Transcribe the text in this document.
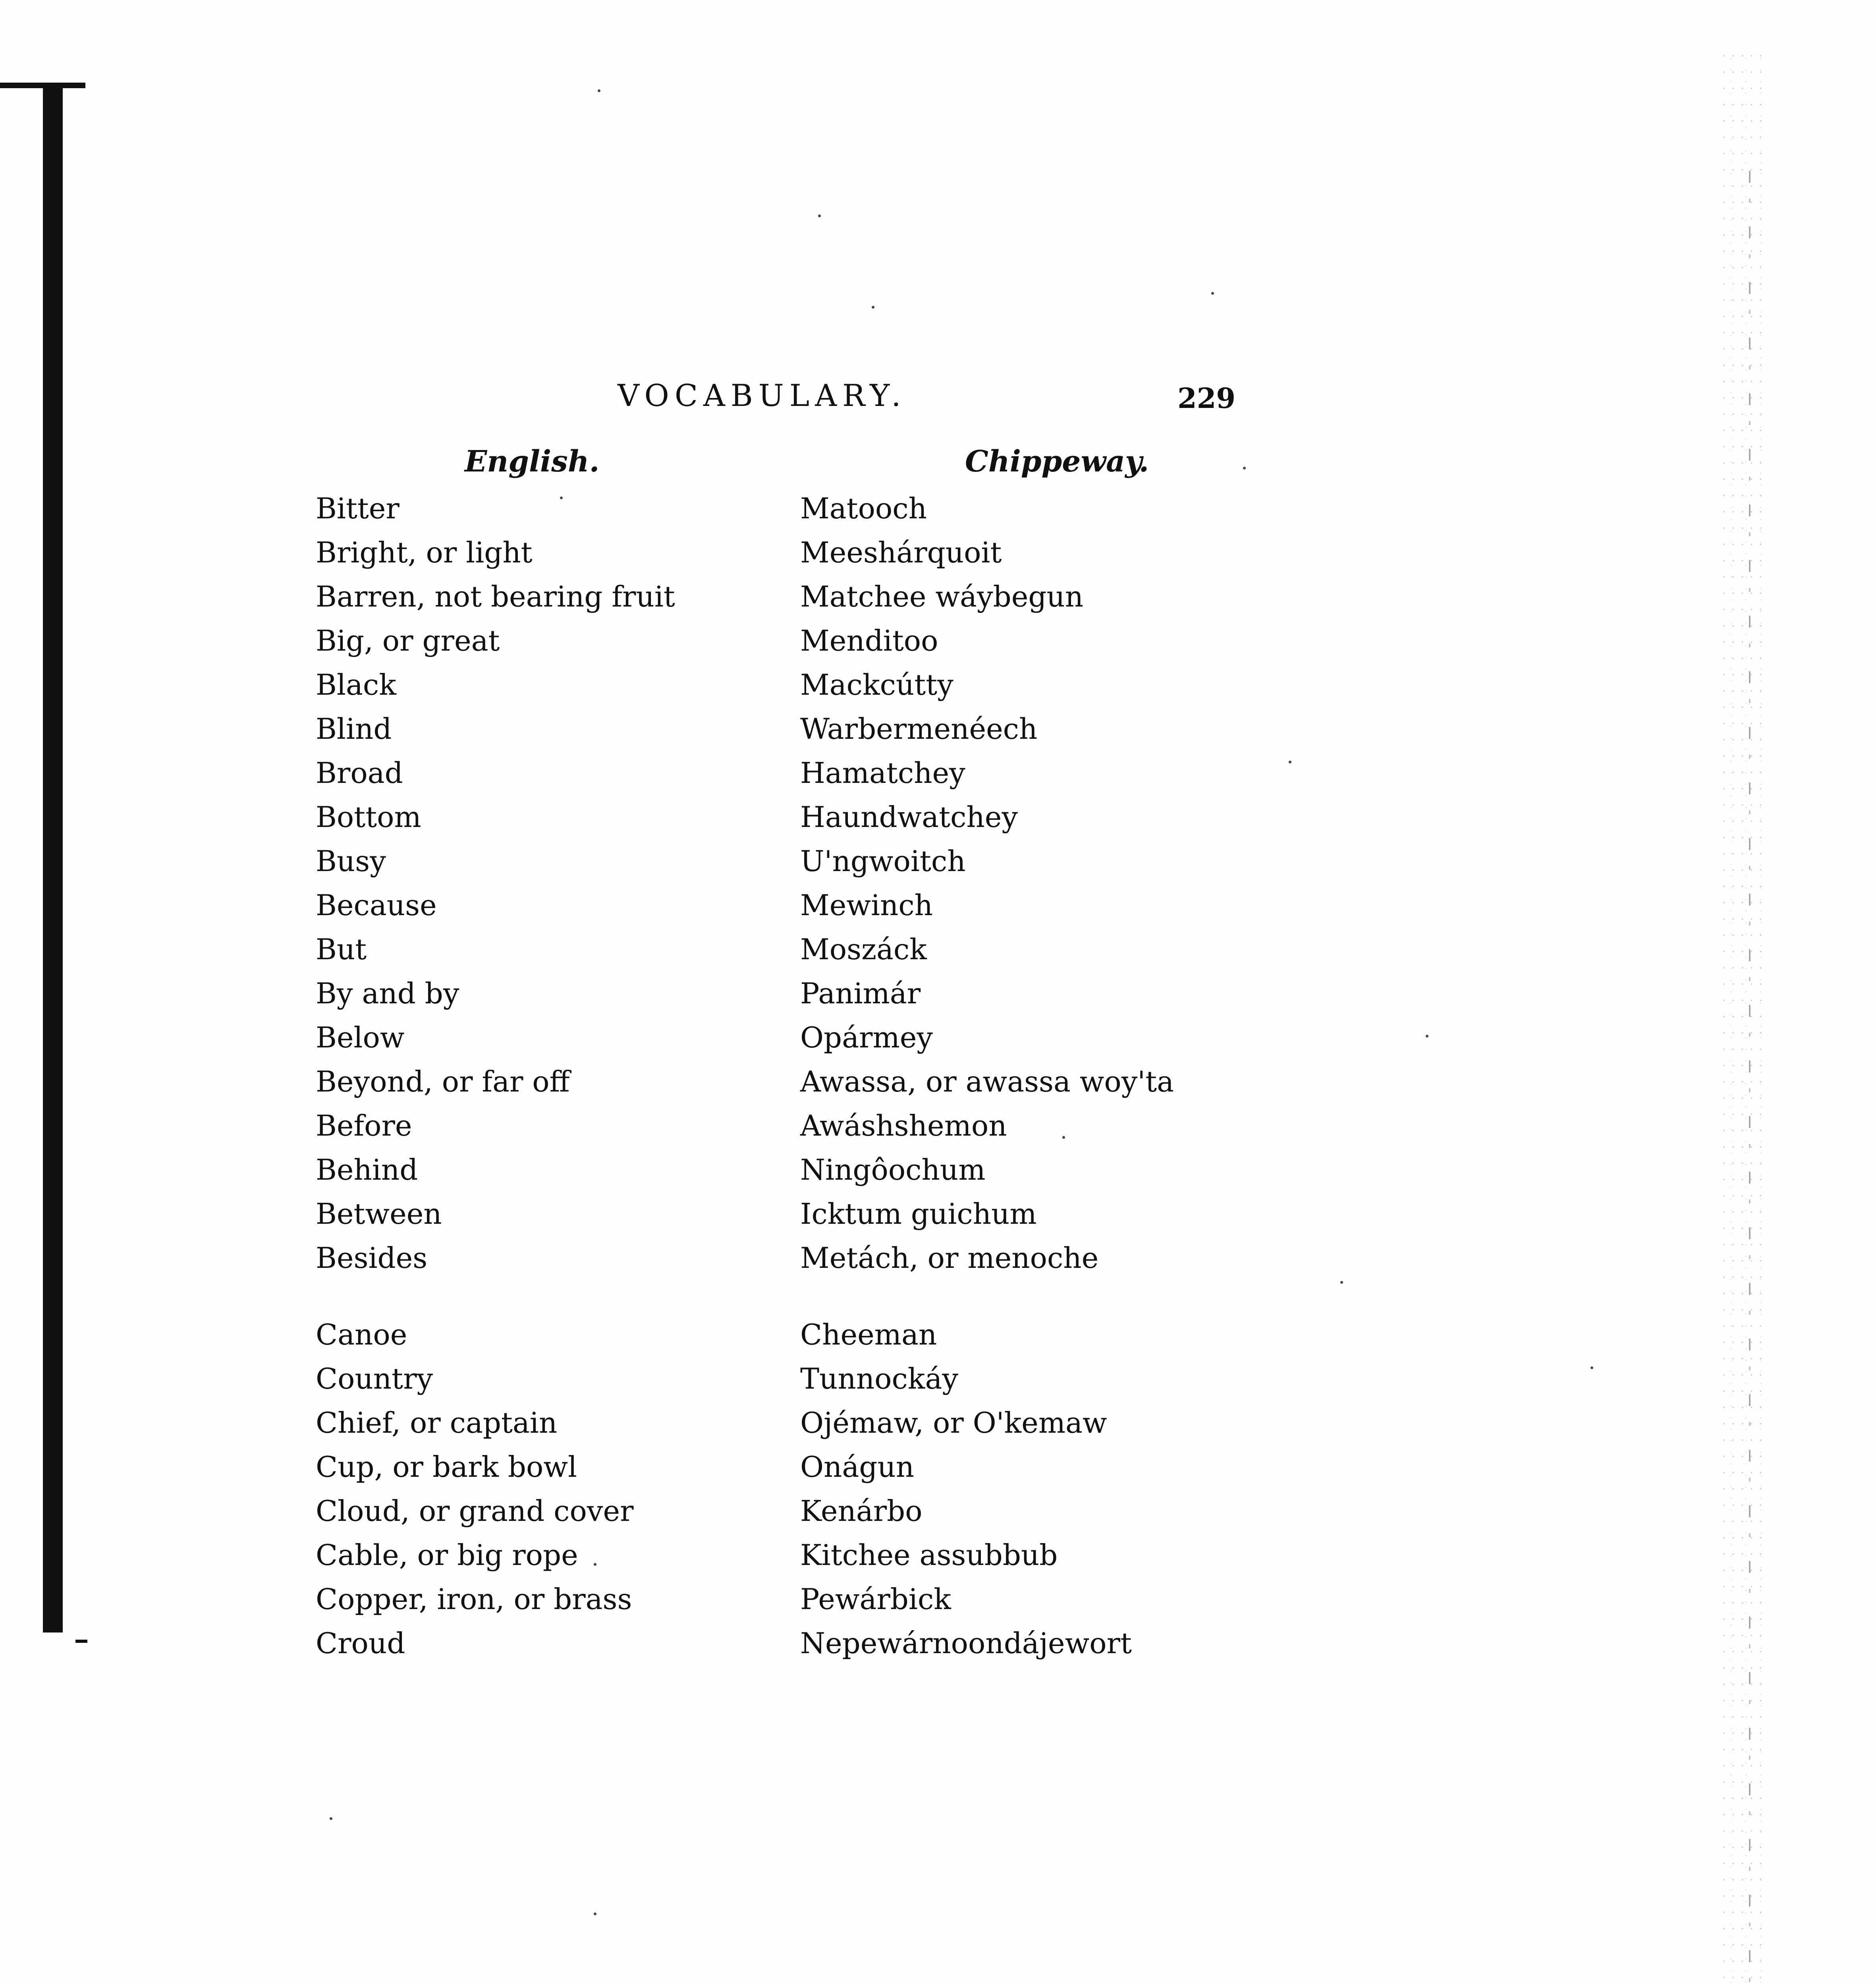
VOCABULARY.	229
English.	Chippeway.
Bitter
Bright, or light
Barren, not bearing fruit
Big, or great
Black
Blind
Broad
Bottom
Busy
Because
But
By and by
Below
Beyond, or far off
Before
Behind
Between
Besides
Matooch
Meeshárquoit
Matchee wáybegun
Menditoo
Mackcútty
Warbermenéech
Hamatchey
Haundwatchey
U'ngwoitch
Mewinch
Moszáck
Panimár
Opármey
Awassa, or awassa woy'ta
Awáshshemon
Ningôochum
Icktum guichum
Metách, or menoche
Canoe
Country
Chief, or captain
Cup, or bark bowl
Cloud, or grand cover
Cable, or big rope
Copper, iron, or brass
Croud
Cheeman
Tunnockáy
Ojémaw, or O'kemaw
Onágun
Kenárbo
Kitchee assubbub
Pewárbick
Nepewárnoondájewort
